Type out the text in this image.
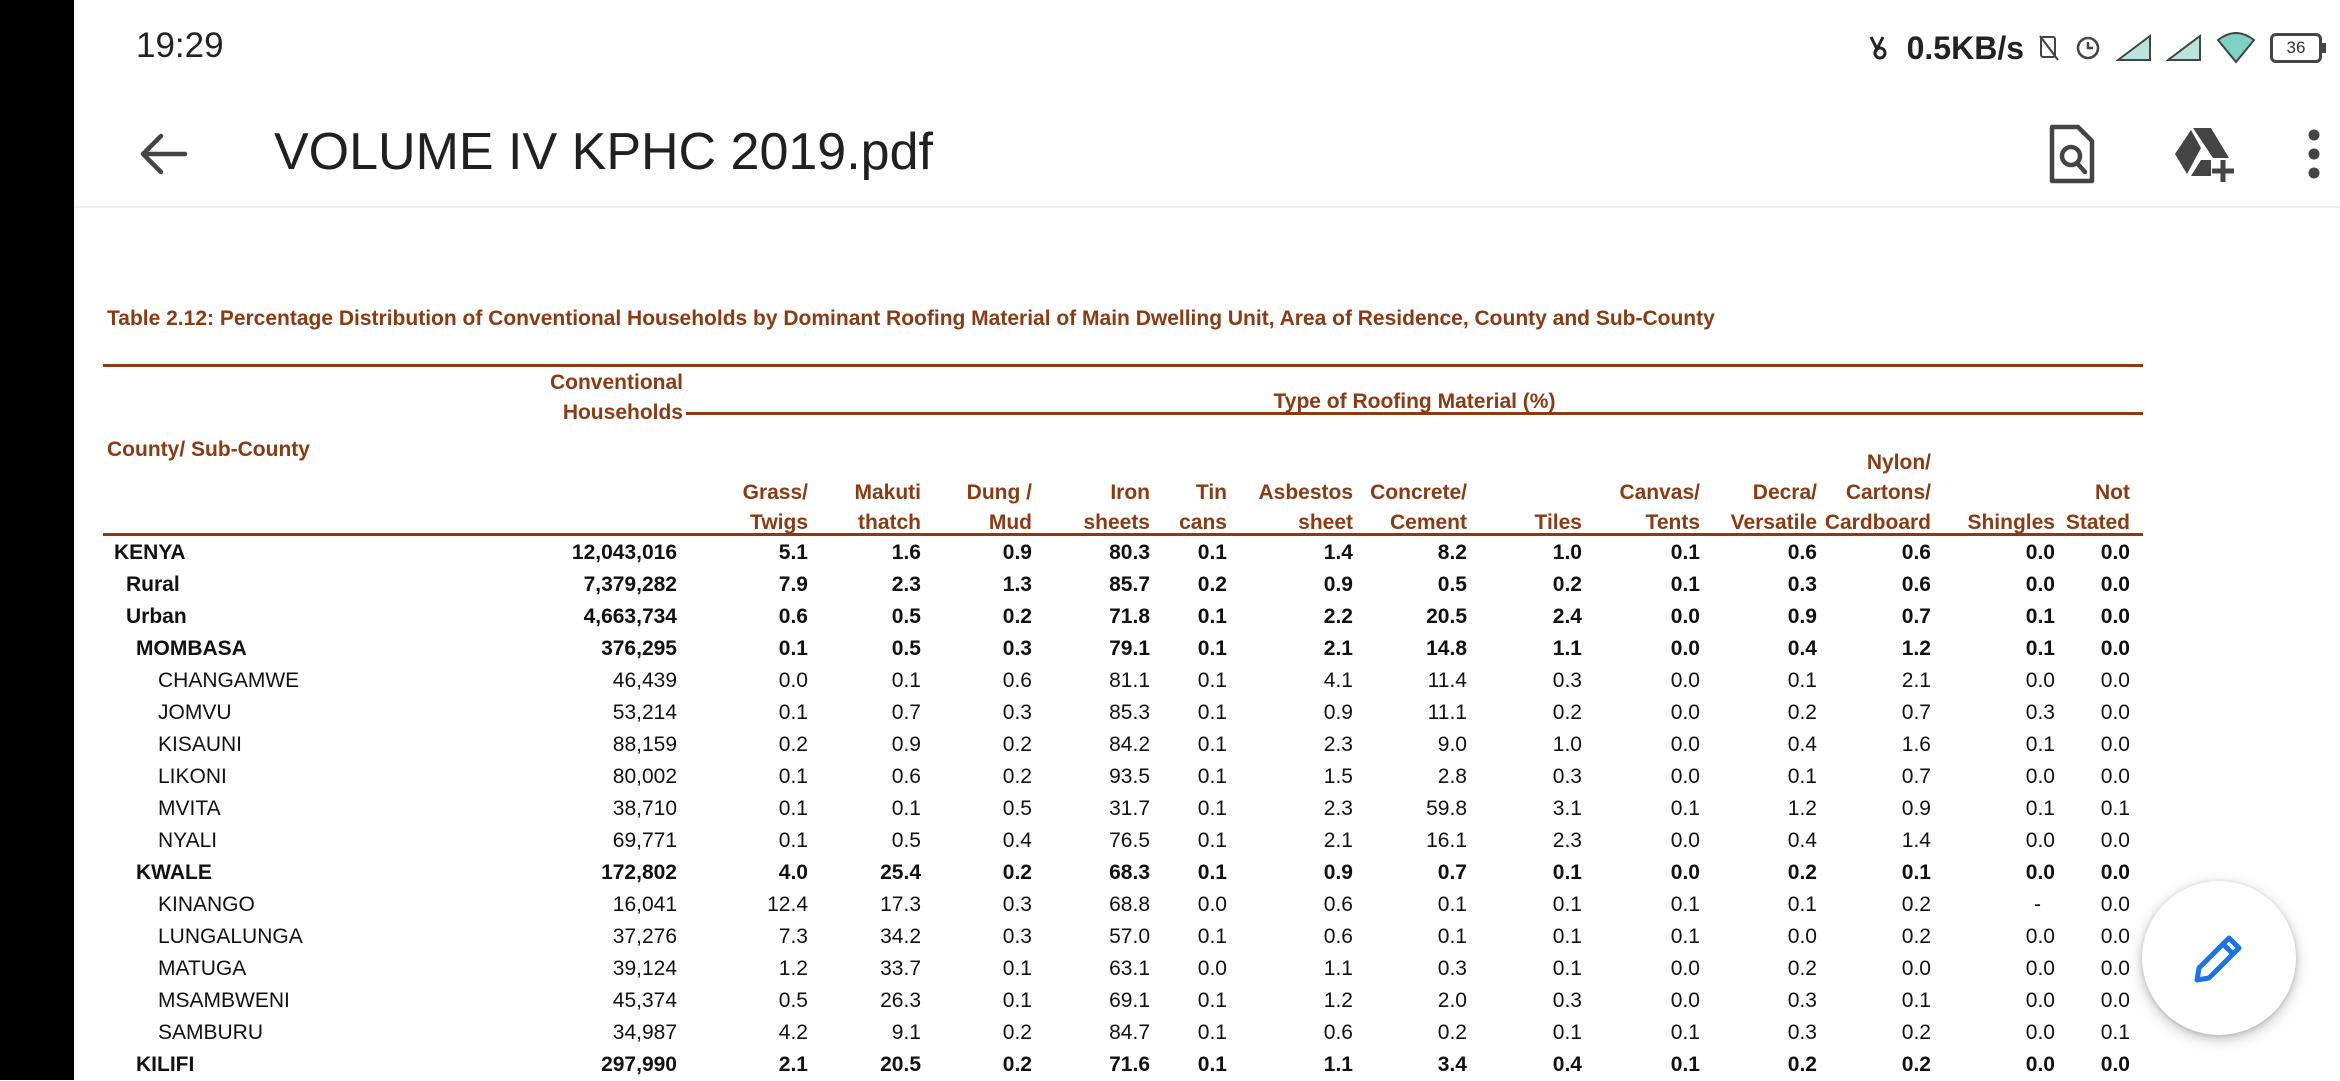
19:29	0.5KB/s	36
VOLUME IV KPHC 2019.pdf
Table 2.12: Percentage Distribution of Conventional Households by Dominant Roofing Material of Main Dwelling Unit, Area of Residence, County and Sub-County
County/ Sub-County
Conventional
Households	Type of Roofing Material (%)
Grass/
Twigs
Makuti
thatch
Dung /
Mud
Iron
sheets
Tin
cans
Asbestos
sheet
Concrete/
Cement	Tiles
Canvas/
Tents
Decra/
Versatile
Nylon/
Cartons/
Cardboard	Shingles
Not
Stated
KENYA	12,043,016	5.1	1.6	0.9	80.3	0.1	1.4	8.2	1.0	0.1	0.6	0.6	0.0	0.0
Rural	7,379,282	7.9	2.3	1.3	85.7	0.2	0.9	0.5	0.2	0.1	0.3	0.6	0.0	0.0
Urban	4,663,734	0.6	0.5	0.2	71.8	0.1	2.2	20.5	2.4	0.0	0.9	0.7	0.1	0.0
MOMBASA	376,295	0.1	0.5	0.3	79.1	0.1	2.1	14.8	1.1	0.0	0.4	1.2	0.1	0.0
CHANGAMWE	46,439	0.0	0.1	0.6	81.1	0.1	4.1	11.4	0.3	0.0	0.1	2.1	0.0	0.0
JOMVU	53,214	0.1	0.7	0.3	85.3	0.1	0.9	11.1	0.2	0.0	0.2	0.7	0.3	0.0
KISAUNI	88,159	0.2	0.9	0.2	84.2	0.1	2.3	9.0	1.0	0.0	0.4	1.6	0.1	0.0
LIKONI	80,002	0.1	0.6	0.2	93.5	0.1	1.5	2.8	0.3	0.0	0.1	0.7	0.0	0.0
MVITA	38,710	0.1	0.1	0.5	31.7	0.1	2.3	59.8	3.1	0.1	1.2	0.9	0.1	0.1
NYALI	69,771	0.1	0.5	0.4	76.5	0.1	2.1	16.1	2.3	0.0	0.4	1.4	0.0	0.0
KWALE	172,802	4.0	25.4	0.2	68.3	0.1	0.9	0.7	0.1	0.0	0.2	0.1	0.0	0.0
KINANGO	16,041	12.4	17.3	0.3	68.8	0.0	0.6	0.1	0.1	0.1	0.1	0.2	-	0.0
LUNGALUNGA	37,276	7.3	34.2	0.3	57.0	0.1	0.6	0.1	0.1	0.1	0.0	0.2	0.0	0.0
MATUGA	39,124	1.2	33.7	0.1	63.1	0.0	1.1	0.3	0.1	0.0	0.2	0.0	0.0	0.0
MSAMBWENI	45,374	0.5	26.3	0.1	69.1	0.1	1.2	2.0	0.3	0.0	0.3	0.1	0.0	0.0
SAMBURU	34,987	4.2	9.1	0.2	84.7	0.1	0.6	0.2	0.1	0.1	0.3	0.2	0.0	0.1
KILIFI	297,990	2.1	20.5	0.2	71.6	0.1	1.1	3.4	0.4	0.1	0.2	0.2	0.0	0.0
